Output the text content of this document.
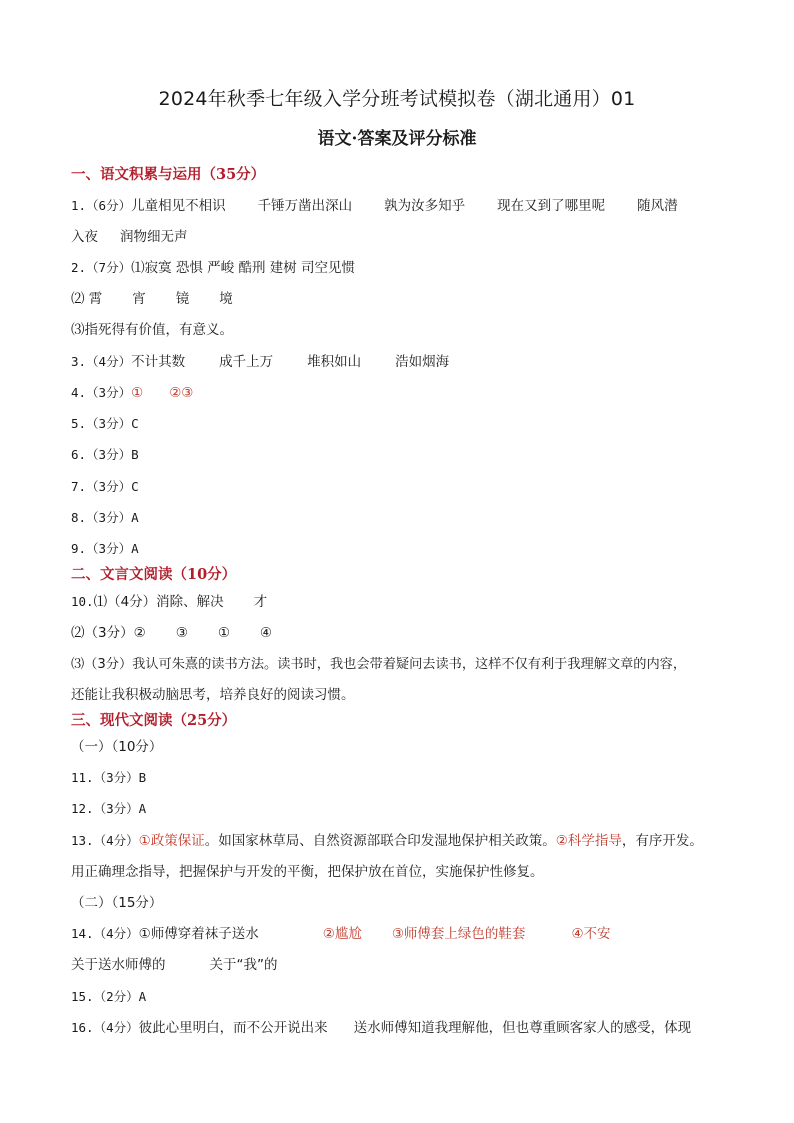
2024年秋季七年级入学分班考试模拟卷（湖北通用）01
语文·答案及评分标准
一、语文积累与运用（35分）
1.（6分）儿童相见不相识 千锤万凿出深山 孰为汝多知乎 现在又到了哪里呢 随风潜
入夜 润物细无声
2.（7分）⑴寂寞 恐惧 严峻 酷刑 建树 司空见惯
⑵ 霄 宵 镜 境
⑶指死得有价值，有意义。
3.（4分）不计其数	成千上万	堆积如山	浩如烟海
4.（3分）① ②③
5.（3分）C
6.（3分）B
7.（3分）C
8.（3分）A
9.（3分）A
二、文言文阅读（10分）
10.⑴（4分）消除、解决 才
⑵（3分）② ③ ① ④
⑶（3分）我认可朱熹的读书方法。读书时，我也会带着疑问去读书，这样不仅有利于我理解文章的内容，
还能让我积极动脑思考，培养良好的阅读习惯。
三、现代文阅读（25分）
（一）（10分）
11.（3分）B
12.（3分）A
13.（4分）①政策保证。如国家林草局、自然资源部联合印发湿地保护相关政策。②科学指导，有序开发。
用正确理念指导，把握保护与开发的平衡，把保护放在首位，实施保护性修复。
（二）（15分）
14.（4分）①师傅穿着袜子送水	②尴尬 ③师傅套上绿色的鞋套	④不安
关于送水师傅的	关于“我”的
15.（2分）A
16.（4分）彼此心里明白，而不公开说出来 送水师傅知道我理解他，但也尊重顾客家人的感受，体现
